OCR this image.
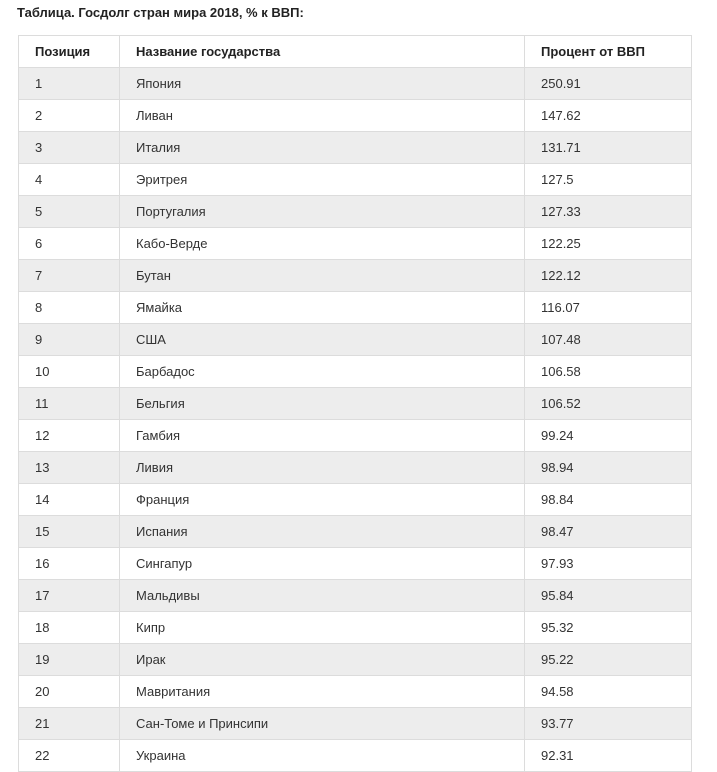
Таблица. Госдолг стран мира 2018, % к ВВП:
Позиция	Название государства	Процент от ВВП
1	Япония	250.91
2	Ливан	147.62
3	Италия	131.71
4	Эритрея	127.5
5	Португалия	127.33
6	Кабо-Верде	122.25
7	Бутан	122.12
8	Ямайка	116.07
9	США	107.48
10	Барбадос	106.58
11	Бельгия	106.52
12	Гамбия	99.24
13	Ливия	98.94
14	Франция	98.84
15	Испания	98.47
16	Сингапур	97.93
17	Мальдивы	95.84
18	Кипр	95.32
19	Ирак	95.22
20	Мавритания	94.58
21	Сан-Томе и Принсипи	93.77
22	Украина	92.31
